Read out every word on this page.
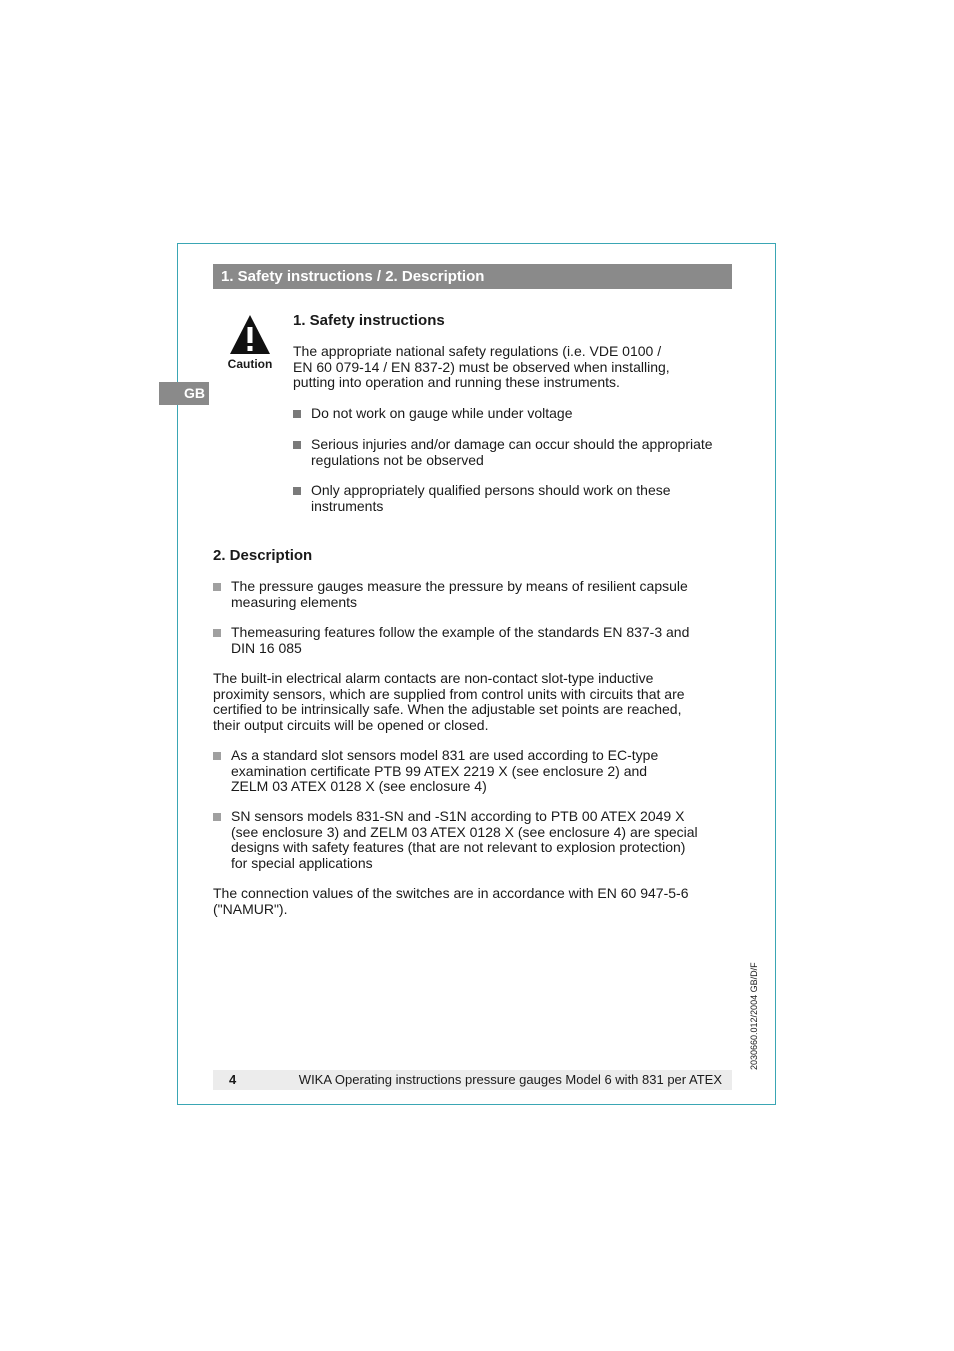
1. Safety instructions / 2. Description
GB
Caution
1. Safety instructions
The appropriate national safety regulations (i.e. VDE 0100 /
EN 60 079-14 / EN 837-2) must be observed when installing,
putting into operation and running these instruments.
Do not work on gauge while under voltage
Serious injuries and/or damage can occur should the appropriate
regulations not be observed
Only appropriately qualified persons should work on these
instruments
2. Description
The pressure gauges measure the pressure by means of resilient capsule
measuring elements
Themeasuring features follow the example of the standards EN 837-3 and
DIN 16 085
The built-in electrical alarm contacts are non-contact slot-type inductive
proximity sensors, which are supplied from control units with circuits that are
certified to be intrinsically safe. When the adjustable set points are reached,
their output circuits will be opened or closed.
As a standard slot sensors model 831 are used according to EC-type
examination certificate PTB 99 ATEX 2219 X (see enclosure 2) and
ZELM 03 ATEX 0128 X (see enclosure 4)
SN sensors models 831-SN and -S1N according to PTB 00 ATEX 2049 X
(see enclosure 3) and ZELM 03 ATEX 0128 X (see enclosure 4) are special
designs with safety features (that are not relevant to explosion protection)
for special applications
The connection values of the switches are in accordance with EN 60 947-5-6
("NAMUR").
2030660.012/2004 GB/D/F
4	WIKA Operating instructions pressure gauges Model 6 with 831 per ATEX
